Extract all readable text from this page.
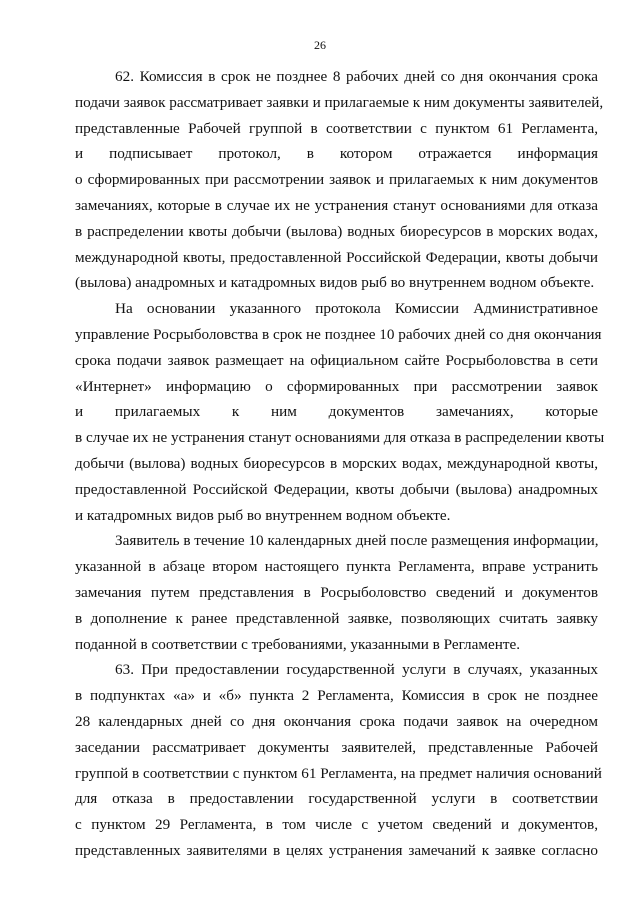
26
62. Комиссия в срок не позднее 8 рабочих дней со дня окончания срока
подачи заявок рассматривает заявки и прилагаемые к ним документы заявителей,
представленные Рабочей группой в соответствии с пунктом 61 Регламента,
и подписывает протокол, в котором отражается информация
о сформированных при рассмотрении заявок и прилагаемых к ним документов
замечаниях, которые в случае их не устранения станут основаниями для отказа
в распределении квоты добычи (вылова) водных биоресурсов в морских водах,
международной квоты, предоставленной Российской Федерации, квоты добычи
(вылова) анадромных и катадромных видов рыб во внутреннем водном объекте.
На основании указанного протокола Комиссии Административное
управление Росрыболовства в срок не позднее 10 рабочих дней со дня окончания
срока подачи заявок размещает на официальном сайте Росрыболовства в сети
«Интернет» информацию о сформированных при рассмотрении заявок
и прилагаемых к ним документов замечаниях, которые
в случае их не устранения станут основаниями для отказа в распределении квоты
добычи (вылова) водных биоресурсов в морских водах, международной квоты,
предоставленной Российской Федерации, квоты добычи (вылова) анадромных
и катадромных видов рыб во внутреннем водном объекте.
Заявитель в течение 10 календарных дней после размещения информации,
указанной в абзаце втором настоящего пункта Регламента, вправе устранить
замечания путем представления в Росрыболовство сведений и документов
в дополнение к ранее представленной заявке, позволяющих считать заявку
поданной в соответствии с требованиями, указанными в Регламенте.
63. При предоставлении государственной услуги в случаях, указанных
в подпунктах «а» и «б» пункта 2 Регламента, Комиссия в срок не позднее
28 календарных дней со дня окончания срока подачи заявок на очередном
заседании рассматривает документы заявителей, представленные Рабочей
группой в соответствии с пунктом 61 Регламента, на предмет наличия оснований
для отказа в предоставлении государственной услуги в соответствии
с пунктом 29 Регламента, в том числе с учетом сведений и документов,
представленных заявителями в целях устранения замечаний к заявке согласно
